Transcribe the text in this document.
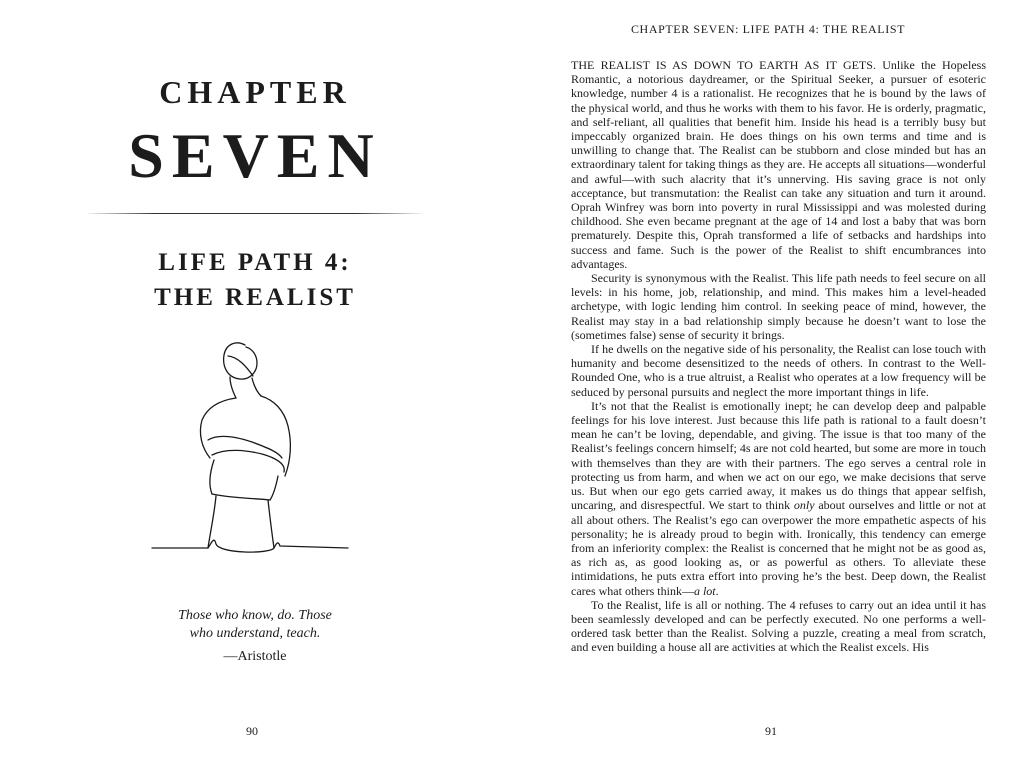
CHAPTER
SEVEN
LIFE PATH 4:
THE REALIST
Those who know, do. Those
who understand, teach.
—Aristotle
90
CHAPTER SEVEN: LIFE PATH 4: THE REALIST

THE REALIST IS AS DOWN TO EARTH AS IT GETS. Unlike the Hopeless Romantic, a notorious daydreamer, or the Spiritual Seeker, a pursuer of esoteric knowledge, number 4 is a rationalist. He recognizes that he is bound by the laws of the physical world, and thus he works with them to his favor. He is orderly, pragmatic, and self-reliant, all qualities that benefit him. Inside his head is a terribly busy but impeccably organized brain. He does things on his own terms and time and is unwilling to change that. The Realist can be stubborn and close minded but has an extraordinary talent for taking things as they are. He accepts all situations—wonderful and awful—with such alacrity that it’s unnerving. His saving grace is not only acceptance, but transmutation: the Realist can take any situation and turn it around. Oprah Winfrey was born into poverty in rural Mississippi and was molested during childhood. She even became pregnant at the age of 14 and lost a baby that was born prematurely. Despite this, Oprah transformed a life of setbacks and hardships into success and fame. Such is the power of the Realist to shift encumbrances into advantages.

Security is synonymous with the Realist. This life path needs to feel secure on all levels: in his home, job, relationship, and mind. This makes him a level-headed archetype, with logic lending him control. In seeking peace of mind, however, the Realist may stay in a bad relationship simply because he doesn’t want to lose the (sometimes false) sense of security it brings.

If he dwells on the negative side of his personality, the Realist can lose touch with humanity and become desensitized to the needs of others. In contrast to the Well-Rounded One, who is a true altruist, a Realist who operates at a low frequency will be seduced by personal pursuits and neglect the more important things in life.

It’s not that the Realist is emotionally inept; he can develop deep and palpable feelings for his love interest. Just because this life path is rational to a fault doesn’t mean he can’t be loving, dependable, and giving. The issue is that too many of the Realist’s feelings concern himself; 4s are not cold hearted, but some are more in touch with themselves than they are with their partners. The ego serves a central role in protecting us from harm, and when we act on our ego, we make decisions that serve us. But when our ego gets carried away, it makes us do things that appear selfish, uncaring, and disrespectful. We start to think only about ourselves and little or not at all about others. The Realist’s ego can overpower the more empathetic aspects of his personality; he is already proud to begin with. Ironically, this tendency can emerge from an inferiority complex: the Realist is concerned that he might not be as good as, as rich as, as good looking as, or as powerful as others. To alleviate these intimidations, he puts extra effort into proving he’s the best. Deep down, the Realist cares what others think—a lot.

To the Realist, life is all or nothing. The 4 refuses to carry out an idea until it has been seamlessly developed and can be perfectly executed. No one performs a well-ordered task better than the Realist. Solving a puzzle, creating a meal from scratch, and even building a house all are activities at which the Realist excels. His

91
